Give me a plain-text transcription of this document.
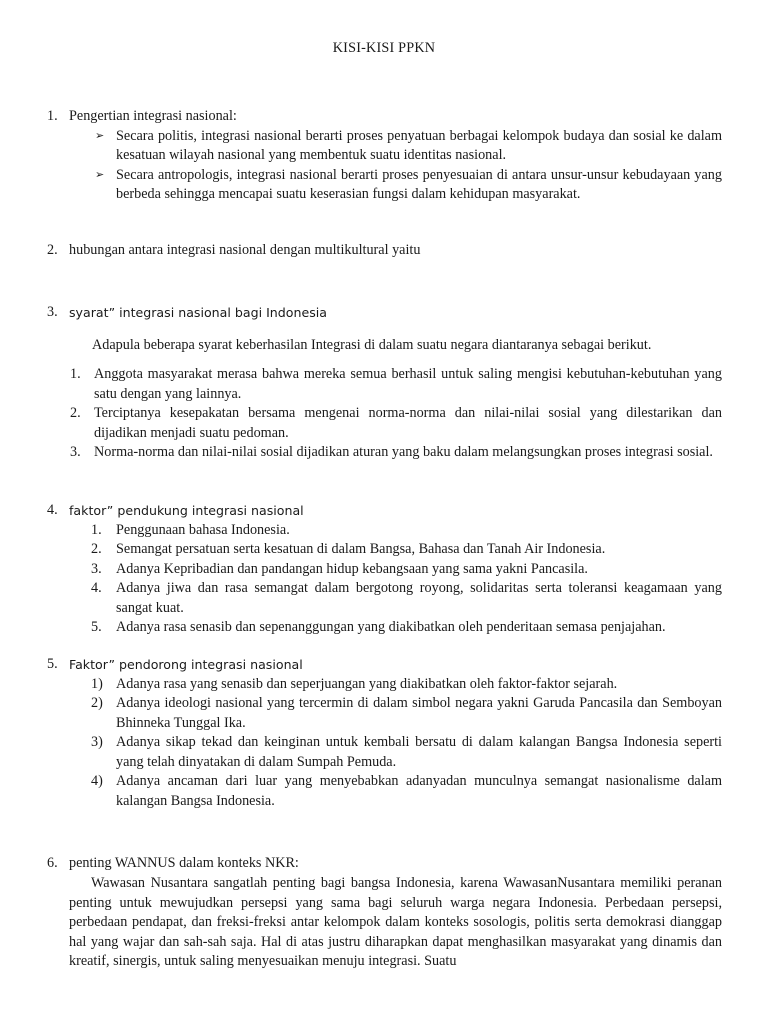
KISI-KISI PPKN
1. Pengertian integrasi nasional:
➢ Secara politis, integrasi nasional berarti proses penyatuan berbagai kelompok budaya dan sosial ke dalam kesatuan wilayah nasional yang membentuk suatu identitas nasional.
➢ Secara antropologis, integrasi nasional berarti proses penyesuaian di antara unsur-unsur kebudayaan yang berbeda sehingga mencapai suatu keserasian fungsi dalam kehidupan masyarakat.
2. hubungan antara integrasi nasional dengan multikultural yaitu
3. syarat” integrasi nasional bagi Indonesia
Adapula beberapa syarat keberhasilan Integrasi di dalam suatu negara diantaranya sebagai berikut.
1. Anggota masyarakat merasa bahwa mereka semua berhasil untuk saling mengisi kebutuhan-kebutuhan yang satu dengan yang lainnya.
2. Terciptanya kesepakatan bersama mengenai norma-norma dan nilai-nilai sosial yang dilestarikan dan dijadikan menjadi suatu pedoman.
3. Norma-norma dan nilai-nilai sosial dijadikan aturan yang baku dalam melangsungkan proses integrasi sosial.
4. faktor” pendukung integrasi nasional
1. Penggunaan bahasa Indonesia.
2. Semangat persatuan serta kesatuan di dalam Bangsa, Bahasa dan Tanah Air Indonesia.
3. Adanya Kepribadian dan pandangan hidup kebangsaan yang sama yakni Pancasila.
4. Adanya jiwa dan rasa semangat dalam bergotong royong, solidaritas serta toleransi keagamaan yang sangat kuat.
5. Adanya rasa senasib dan sepenanggungan yang diakibatkan oleh penderitaan semasa penjajahan.
5. Faktor” pendorong integrasi nasional
1) Adanya rasa yang senasib dan seperjuangan yang diakibatkan oleh faktor-faktor sejarah.
2) Adanya ideologi nasional yang tercermin di dalam simbol negara yakni Garuda Pancasila dan Semboyan Bhinneka Tunggal Ika.
3) Adanya sikap tekad dan keinginan untuk kembali bersatu di dalam kalangan Bangsa Indonesia seperti yang telah dinyatakan di dalam Sumpah Pemuda.
4) Adanya ancaman dari luar yang menyebabkan adanyadan munculnya semangat nasionalisme dalam kalangan Bangsa Indonesia.
6. penting WANNUS dalam konteks NKR:
Wawasan Nusantara sangatlah penting bagi bangsa Indonesia, karena WawasanNusantara memiliki peranan penting untuk mewujudkan persepsi yang sama bagi seluruh warga negara Indonesia. Perbedaan persepsi, perbedaan pendapat, dan freksi-freksi antar kelompok dalam konteks sosologis, politis serta demokrasi dianggap hal yang wajar dan sah-sah saja. Hal di atas justru diharapkan dapat menghasilkan masyarakat yang dinamis dan kreatif, sinergis, untuk saling menyesuaikan menuju integrasi. Suatu
